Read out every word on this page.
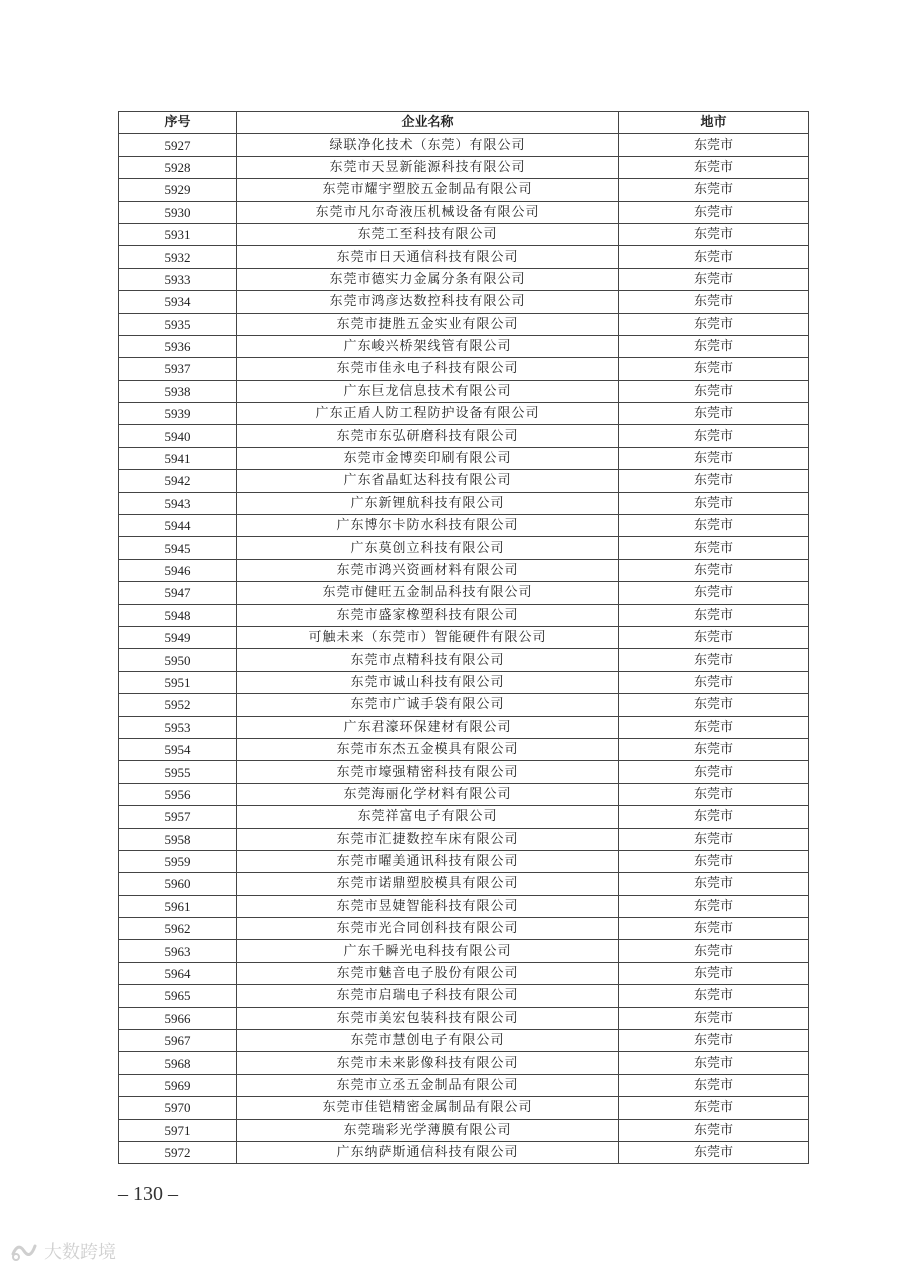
序号	企业名称	地市
5927	绿联净化技术（东莞）有限公司	东莞市
5928	东莞市天昱新能源科技有限公司	东莞市
5929	东莞市耀宇塑胶五金制品有限公司	东莞市
5930	东莞市凡尔奇液压机械设备有限公司	东莞市
5931	东莞工至科技有限公司	东莞市
5932	东莞市日天通信科技有限公司	东莞市
5933	东莞市德实力金属分条有限公司	东莞市
5934	东莞市鸿彦达数控科技有限公司	东莞市
5935	东莞市捷胜五金实业有限公司	东莞市
5936	广东峻兴桥架线管有限公司	东莞市
5937	东莞市佳永电子科技有限公司	东莞市
5938	广东巨龙信息技术有限公司	东莞市
5939	广东正盾人防工程防护设备有限公司	东莞市
5940	东莞市东弘研磨科技有限公司	东莞市
5941	东莞市金博奕印刷有限公司	东莞市
5942	广东省晶虹达科技有限公司	东莞市
5943	广东新锂航科技有限公司	东莞市
5944	广东博尔卡防水科技有限公司	东莞市
5945	广东莫创立科技有限公司	东莞市
5946	东莞市鸿兴资画材料有限公司	东莞市
5947	东莞市健旺五金制品科技有限公司	东莞市
5948	东莞市盛家橡塑科技有限公司	东莞市
5949	可触未来（东莞市）智能硬件有限公司	东莞市
5950	东莞市点精科技有限公司	东莞市
5951	东莞市诚山科技有限公司	东莞市
5952	东莞市广诚手袋有限公司	东莞市
5953	广东君濠环保建材有限公司	东莞市
5954	东莞市东杰五金模具有限公司	东莞市
5955	东莞市壕强精密科技有限公司	东莞市
5956	东莞海丽化学材料有限公司	东莞市
5957	东莞祥富电子有限公司	东莞市
5958	东莞市汇捷数控车床有限公司	东莞市
5959	东莞市曜美通讯科技有限公司	东莞市
5960	东莞市诺鼎塑胶模具有限公司	东莞市
5961	东莞市昱婕智能科技有限公司	东莞市
5962	东莞市光合同创科技有限公司	东莞市
5963	广东千瞬光电科技有限公司	东莞市
5964	东莞市魅音电子股份有限公司	东莞市
5965	东莞市启瑞电子科技有限公司	东莞市
5966	东莞市美宏包装科技有限公司	东莞市
5967	东莞市慧创电子有限公司	东莞市
5968	东莞市未来影像科技有限公司	东莞市
5969	东莞市立丞五金制品有限公司	东莞市
5970	东莞市佳铠精密金属制品有限公司	东莞市
5971	东莞瑞彩光学薄膜有限公司	东莞市
5972	广东纳萨斯通信科技有限公司	东莞市
– 130 –
大数跨境
